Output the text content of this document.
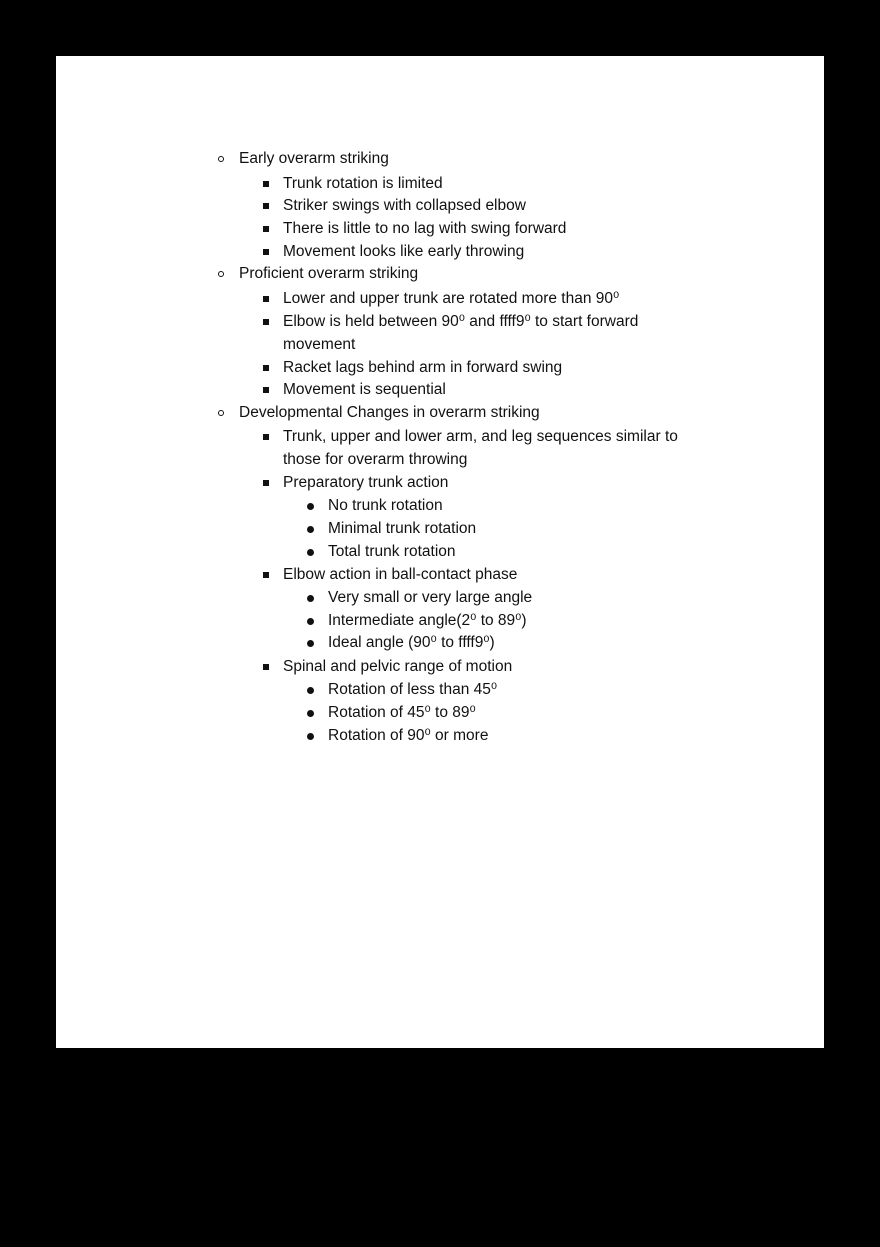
Early overarm striking
Trunk rotation is limited
Striker swings with collapsed elbow
There is little to no lag with swing forward
Movement looks like early throwing
Proficient overarm striking
Lower and upper trunk are rotated more than 90⁰
Elbow is held between 90⁰ and ffff9⁰ to start forward
movement
Racket lags behind arm in forward swing
Movement is sequential
Developmental Changes in overarm striking
Trunk, upper and lower arm, and leg sequences similar to
those for overarm throwing
Preparatory trunk action
No trunk rotation
Minimal trunk rotation
Total trunk rotation
Elbow action in ball-contact phase
Very small or very large angle
Intermediate angle(2⁰ to 89⁰)
Ideal angle (90⁰ to ffff9⁰)
Spinal and pelvic range of motion
Rotation of less than 45⁰
Rotation of 45⁰ to 89⁰
Rotation of 90⁰ or more
